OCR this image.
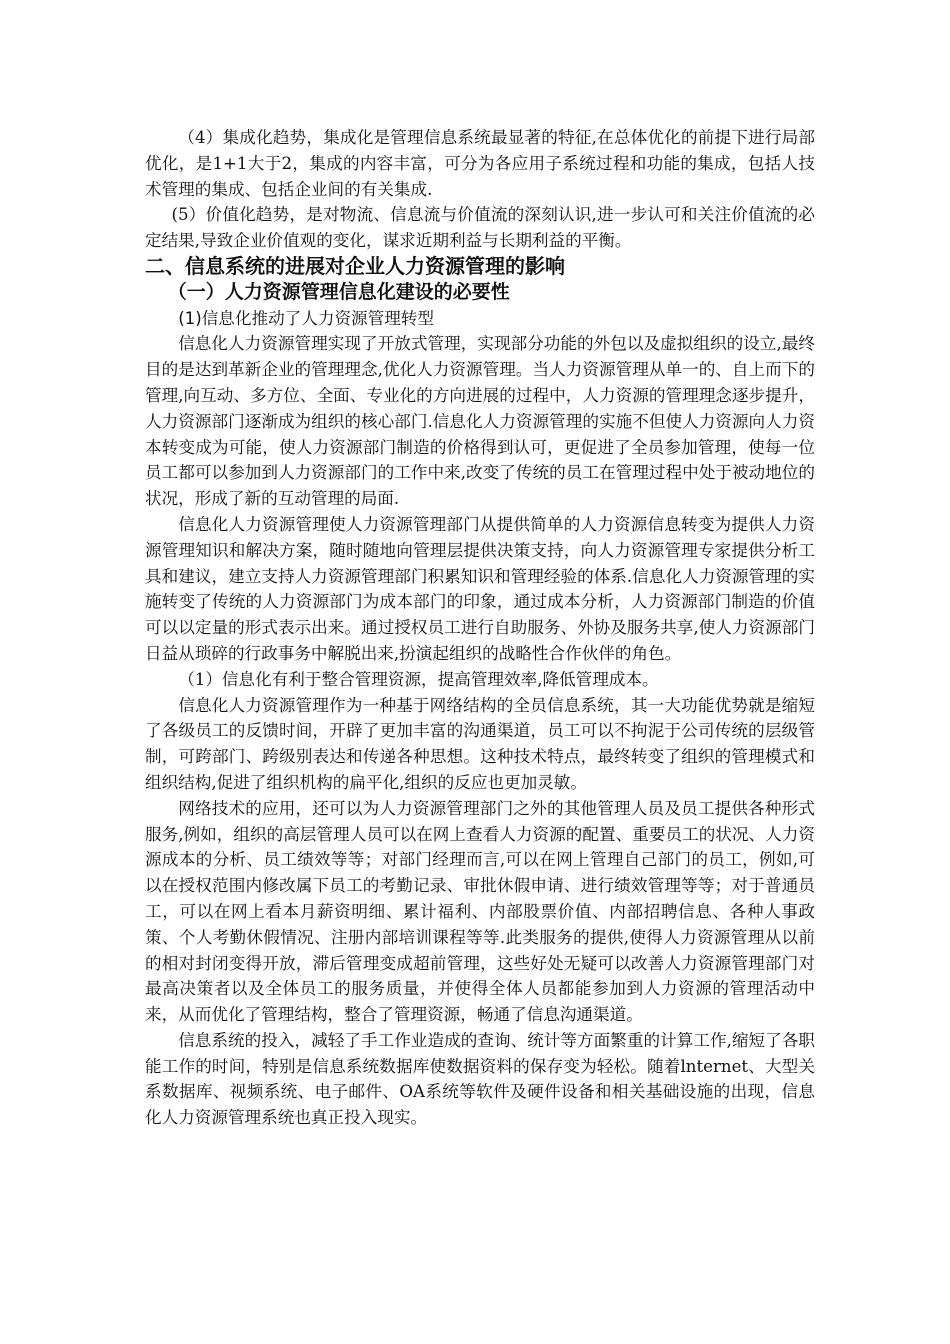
（4）集成化趋势，集成化是管理信息系统最显著的特征,在总体优化的前提下进行局部优化，是1+1大于2，集成的内容丰富，可分为各应用子系统过程和功能的集成，包括人技术管理的集成、包括企业间的有关集成.

(5）价值化趋势，是对物流、信息流与价值流的深刻认识,进一步认可和关注价值流的必定结果,导致企业价值观的变化，谋求近期利益与长期利益的平衡。

二、信息系统的进展对企业人力资源管理的影响

（一）人力资源管理信息化建设的必要性

(1)信息化推动了人力资源管理转型

信息化人力资源管理实现了开放式管理，实现部分功能的外包以及虚拟组织的设立,最终目的是达到革新企业的管理理念,优化人力资源管理。当人力资源管理从单一的、自上而下的管理,向互动、多方位、全面、专业化的方向进展的过程中，人力资源的管理理念逐步提升，人力资源部门逐渐成为组织的核心部门.信息化人力资源管理的实施不但使人力资源向人力资本转变成为可能，使人力资源部门制造的价格得到认可，更促进了全员参加管理，使每一位员工都可以参加到人力资源部门的工作中来,改变了传统的员工在管理过程中处于被动地位的状况，形成了新的互动管理的局面.

信息化人力资源管理使人力资源管理部门从提供简单的人力资源信息转变为提供人力资源管理知识和解决方案，随时随地向管理层提供决策支持，向人力资源管理专家提供分析工具和建议，建立支持人力资源管理部门积累知识和管理经验的体系.信息化人力资源管理的实施转变了传统的人力资源部门为成本部门的印象，通过成本分析，人力资源部门制造的价值可以以定量的形式表示出来。通过授权员工进行自助服务、外协及服务共享,使人力资源部门日益从琐碎的行政事务中解脱出来,扮演起组织的战略性合作伙伴的角色。

（1）信息化有利于整合管理资源，提高管理效率,降低管理成本。

信息化人力资源管理作为一种基于网络结构的全员信息系统，其一大功能优势就是缩短了各级员工的反馈时间，开辟了更加丰富的沟通渠道，员工可以不拘泥于公司传统的层级管制，可跨部门、跨级别表达和传递各种思想。这种技术特点，最终转变了组织的管理模式和组织结构,促进了组织机构的扁平化,组织的反应也更加灵敏。

网络技术的应用，还可以为人力资源管理部门之外的其他管理人员及员工提供各种形式服务,例如，组织的高层管理人员可以在网上查看人力资源的配置、重要员工的状况、人力资源成本的分析、员工绩效等等；对部门经理而言,可以在网上管理自己部门的员工，例如,可以在授权范围内修改属下员工的考勤记录、审批休假申请、进行绩效管理等等；对于普通员工，可以在网上看本月薪资明细、累计福利、内部股票价值、内部招聘信息、各种人事政策、个人考勤休假情况、注册内部培训课程等等.此类服务的提供,使得人力资源管理从以前的相对封闭变得开放，滞后管理变成超前管理，这些好处无疑可以改善人力资源管理部门对最高决策者以及全体员工的服务质量，并使得全体人员都能参加到人力资源的管理活动中来，从而优化了管理结构，整合了管理资源，畅通了信息沟通渠道。

信息系统的投入，减轻了手工作业造成的查询、统计等方面繁重的计算工作,缩短了各职能工作的时间，特别是信息系统数据库使数据资料的保存变为轻松。随着lnternet、大型关系数据库、视频系统、电子邮件、OA系统等软件及硬件设备和相关基础设施的出现，信息化人力资源管理系统也真正投入现实。
